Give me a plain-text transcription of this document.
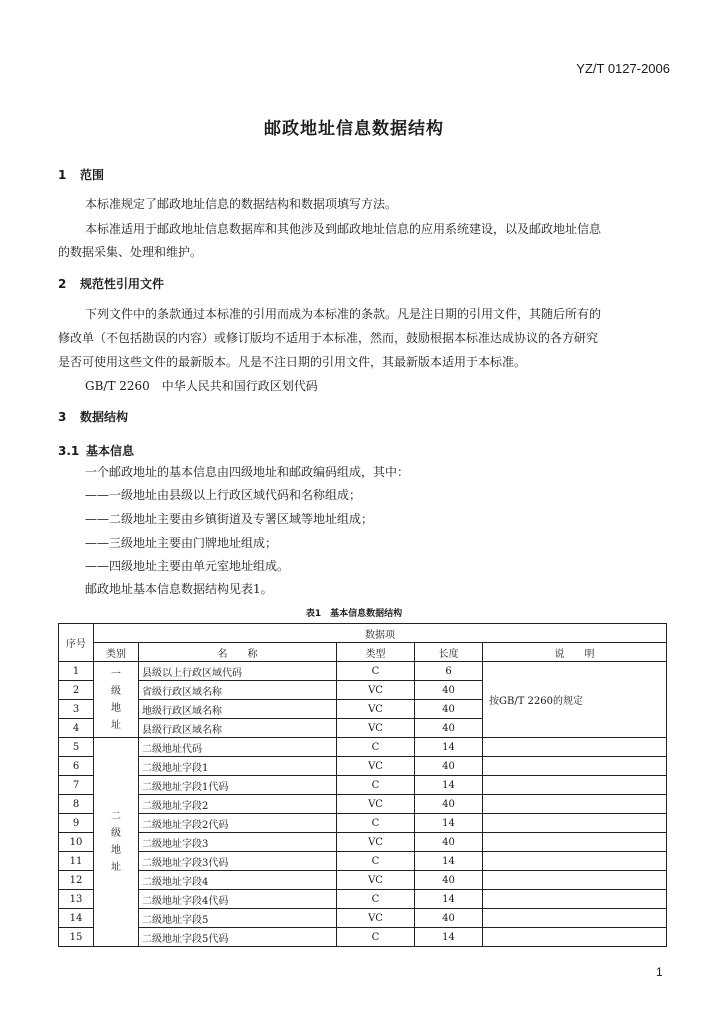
YZ/T 0127-2006
邮政地址信息数据结构
1 范围
本标准规定了邮政地址信息的数据结构和数据项填写方法。
本标准适用于邮政地址信息数据库和其他涉及到邮政地址信息的应用系统建设，以及邮政地址信息
的数据采集、处理和维护。
2 规范性引用文件
下列文件中的条款通过本标准的引用而成为本标准的条款。凡是注日期的引用文件，其随后所有的
修改单（不包括勘误的内容）或修订版均不适用于本标准，然而，鼓励根据本标准达成协议的各方研究
是否可使用这些文件的最新版本。凡是不注日期的引用文件，其最新版本适用于本标准。
GB/T 2260　中华人民共和国行政区划代码
3 数据结构
3.1 基本信息
一个邮政地址的基本信息由四级地址和邮政编码组成，其中：
——一级地址由县级以上行政区域代码和名称组成；
——二级地址主要由乡镇街道及专署区域等地址组成；
——三级地址主要由门牌地址组成；
——四级地址主要由单元室地址组成。
邮政地址基本信息数据结构见表1。
表1　基本信息数据结构
序号	数据项				
	类别	名　　称	类型	长度	说　　明
1	一级地址	县级以上行政区域代码	C	6	按GB/T 2260的规定
2		省级行政区域名称	VC	40	
3		地级行政区域名称	VC	40	
4		县级行政区域名称	VC	40	
5	二级地址	二级地址代码	C	14	
6		二级地址字段1	VC	40	
7		二级地址字段1代码	C	14	
8		二级地址字段2	VC	40	
9		二级地址字段2代码	C	14	
10		二级地址字段3	VC	40	
11		二级地址字段3代码	C	14	
12		二级地址字段4	VC	40	
13		二级地址字段4代码	C	14	
14		二级地址字段5	VC	40	
15		二级地址字段5代码	C	14	
1
